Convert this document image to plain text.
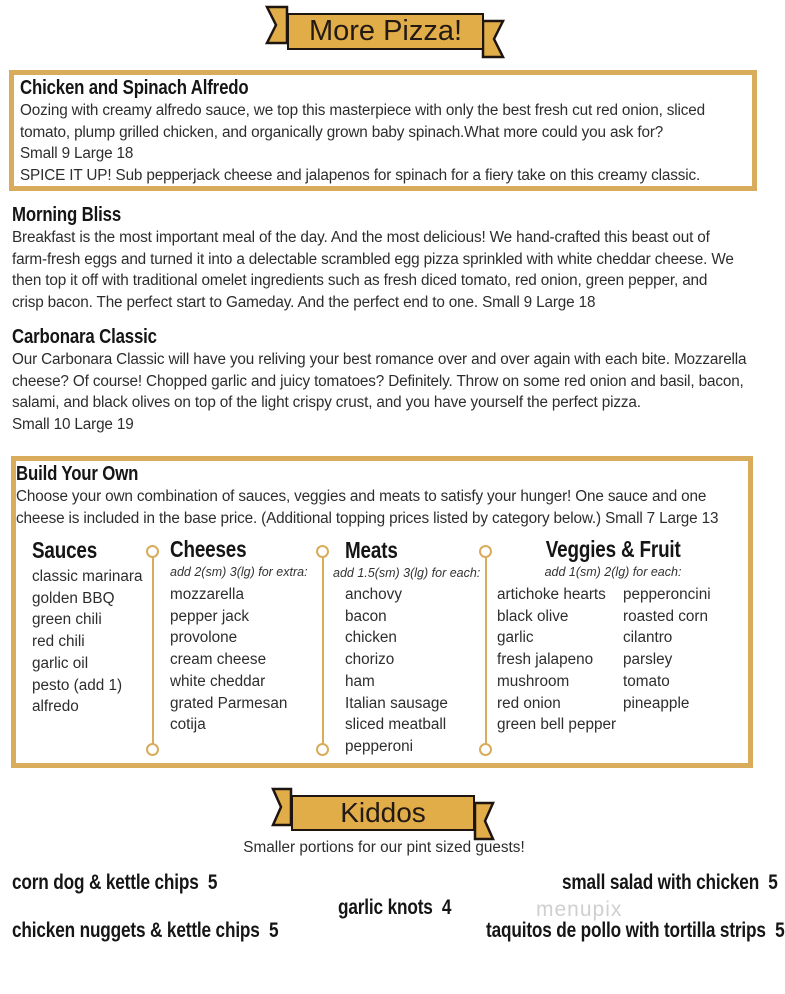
More Pizza!
Chicken and Spinach Alfredo
Oozing with creamy alfredo sauce, we top this masterpiece with only the best fresh cut red onion, sliced
tomato, plump grilled chicken, and organically grown baby spinach.What more could you ask for?
Small 9 Large 18
SPICE IT UP! Sub pepperjack cheese and jalapenos for spinach for a fiery take on this creamy classic.
Morning Bliss
Breakfast is the most important meal of the day. And the most delicious! We hand-crafted this beast out of
farm-fresh eggs and turned it into a delectable scrambled egg pizza sprinkled with white cheddar cheese. We
then top it off with traditional omelet ingredients such as fresh diced tomato, red onion, green pepper, and
crisp bacon. The perfect start to Gameday. And the perfect end to one. Small 9 Large 18
Carbonara Classic
Our Carbonara Classic will have you reliving your best romance over and over again with each bite. Mozzarella
cheese? Of course! Chopped garlic and juicy tomatoes? Definitely. Throw on some red onion and basil, bacon,
salami, and black olives on top of the light crispy crust, and you have yourself the perfect pizza.
Small 10 Large 19
Build Your Own
Choose your own combination of sauces, veggies and meats to satisfy your hunger! One sauce and one
cheese is included in the base price. (Additional topping prices listed by category below.) Small 7 Large 13
Sauces
classic marinara
golden BBQ
green chili
red chili
garlic oil
pesto (add 1)
alfredo
Cheeses
add 2(sm) 3(lg) for extra:
mozzarella
pepper jack
provolone
cream cheese
white cheddar
grated Parmesan
cotija
Meats
add 1.5(sm) 3(lg) for each:
anchovy
bacon
chicken
chorizo
ham
Italian sausage
sliced meatball
pepperoni
Veggies & Fruit
add 1(sm) 2(lg) for each:
artichoke hearts
black olive
garlic
fresh jalapeno
mushroom
red onion
green bell pepper
pepperoncini
roasted corn
cilantro
parsley
tomato
pineapple
Kiddos
Smaller portions for our pint sized guests!
corn dog & kettle chips 5
chicken nuggets & kettle chips 5
garlic knots 4
small salad with chicken 5
taquitos de pollo with tortilla strips 5
menupix
